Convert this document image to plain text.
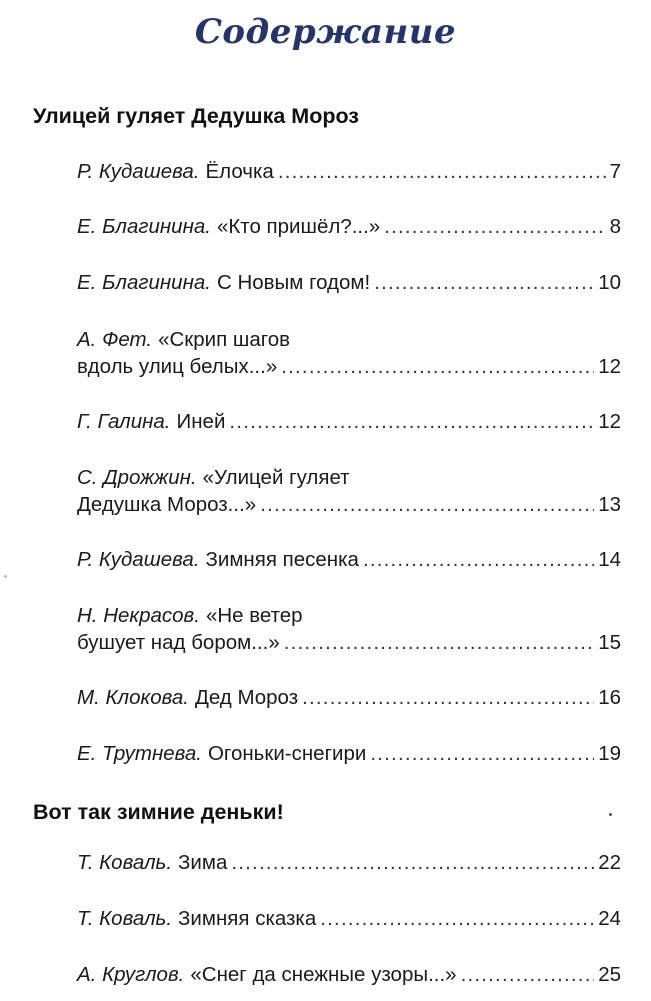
Содержание
Улицей гуляет Дедушка Мороз
Р. Кудашева. Ёлочка .....	7
Е. Благинина. «Кто пришёл?...» .....	8
Е. Благинина. С Новым годом! .....	10
А. Фет. «Скрип шагов
вдоль улиц белых...» .....	12
Г. Галина. Иней .....	12
С. Дрожжин. «Улицей гуляет
Дедушка Мороз...» .....	13
Р. Кудашева. Зимняя песенка .....	14
Н. Некрасов. «Не ветер
бушует над бором...» .....	15
М. Клокова. Дед Мороз .....	16
Е. Трутнева. Огоньки-снегири .....	19
Вот так зимние деньки!
Т. Коваль. Зима .....	22
Т. Коваль. Зимняя сказка .....	24
А. Круглов. «Снег да снежные узоры...» .....	25
